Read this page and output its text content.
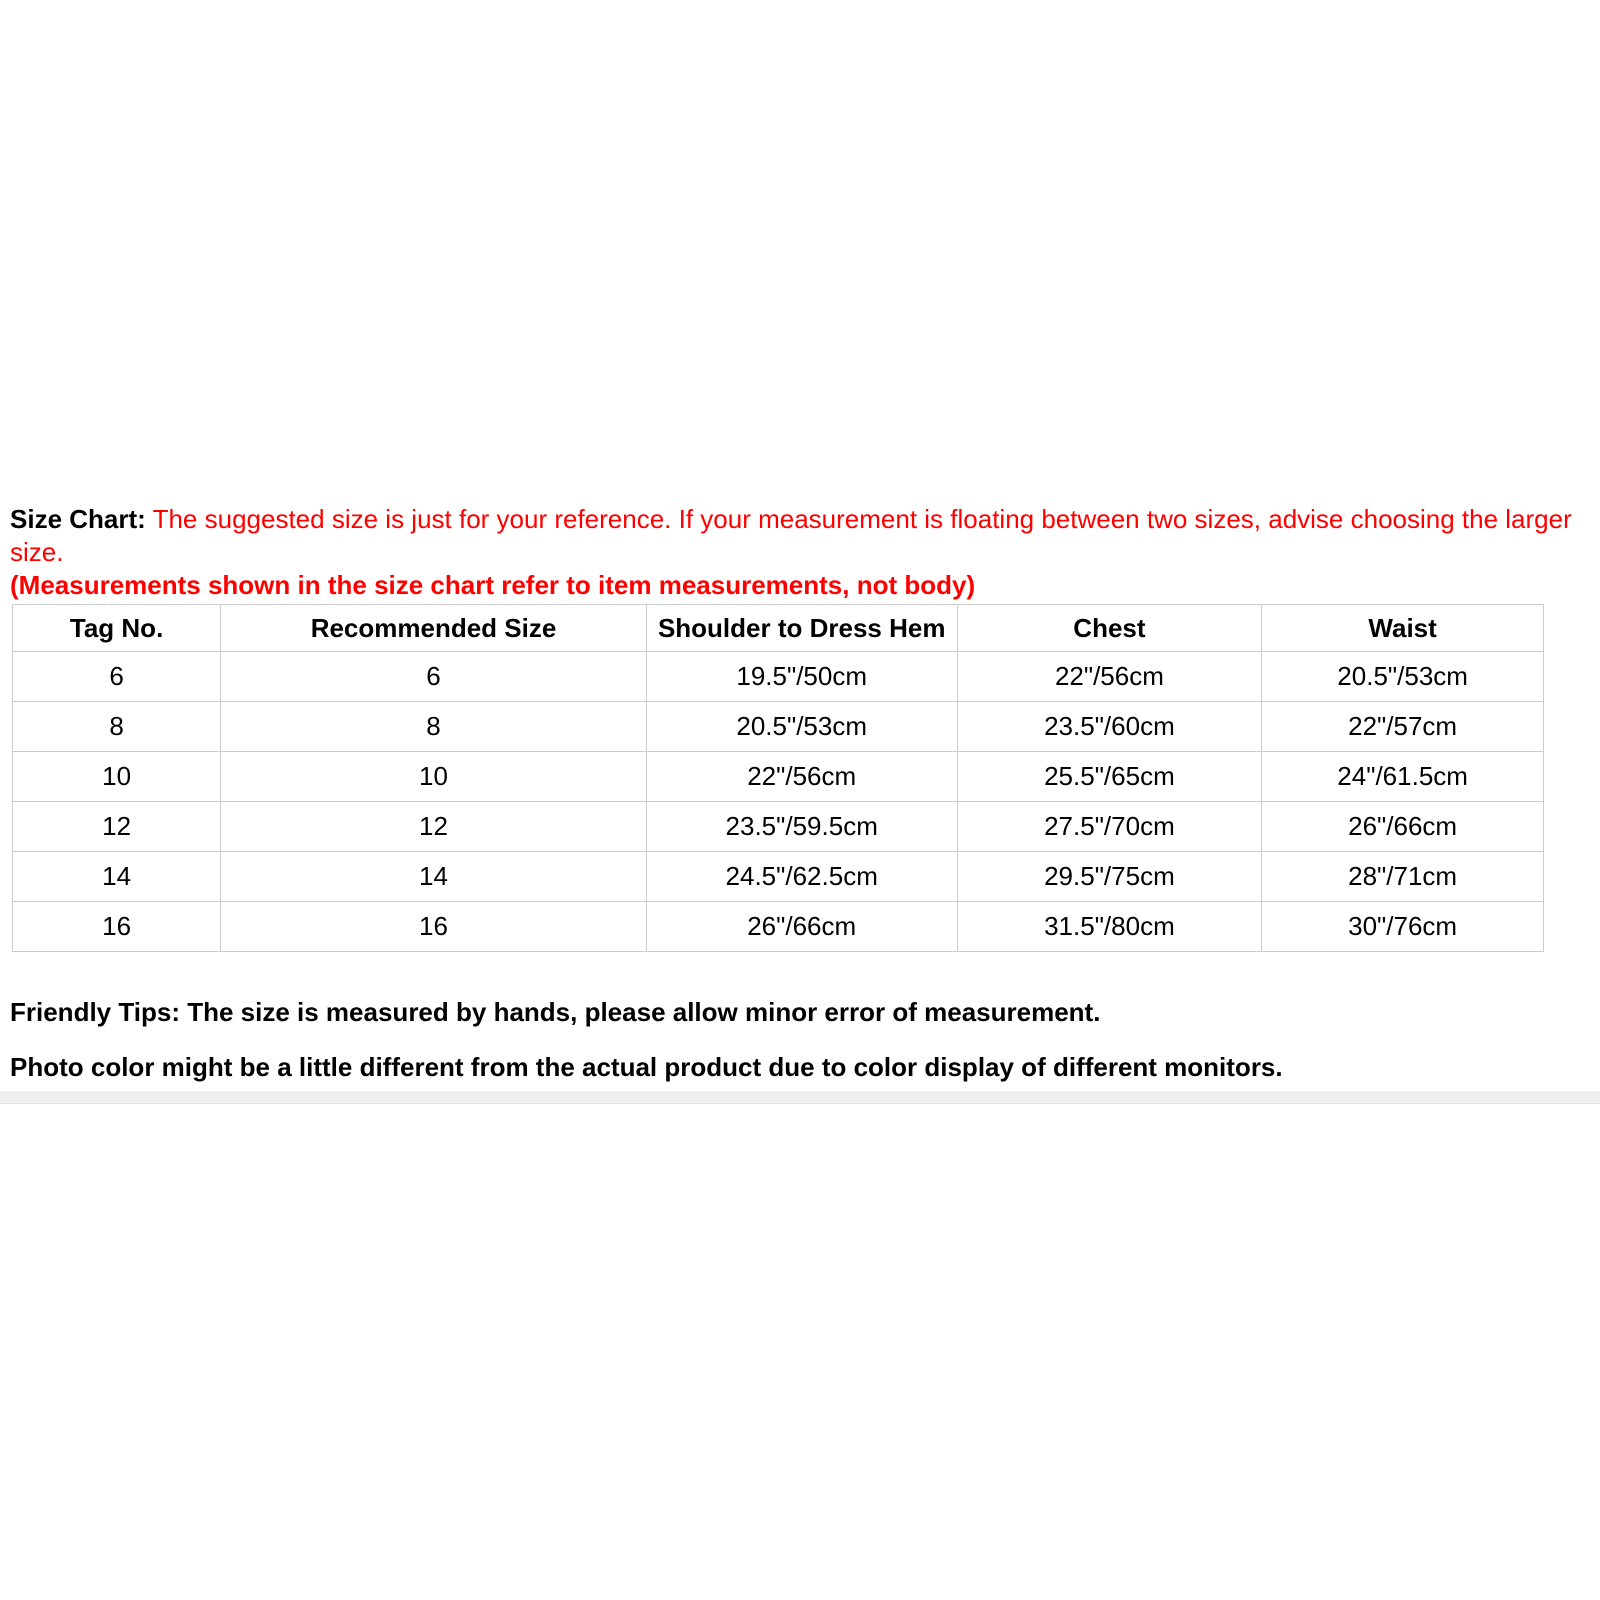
Size Chart: The suggested size is just for your reference. If your measurement is floating between two sizes, advise choosing the larger
size.
(Measurements shown in the size chart refer to item measurements, not body)
Tag No.	Recommended Size	Shoulder to Dress Hem	Chest	Waist
6	6	19.5"/50cm	22"/56cm	20.5"/53cm
8	8	20.5"/53cm	23.5"/60cm	22"/57cm
10	10	22"/56cm	25.5"/65cm	24"/61.5cm
12	12	23.5"/59.5cm	27.5"/70cm	26"/66cm
14	14	24.5"/62.5cm	29.5"/75cm	28"/71cm
16	16	26"/66cm	31.5"/80cm	30"/76cm

Friendly Tips: The size is measured by hands, please allow minor error of measurement.

Photo color might be a little different from the actual product due to color display of different monitors.
